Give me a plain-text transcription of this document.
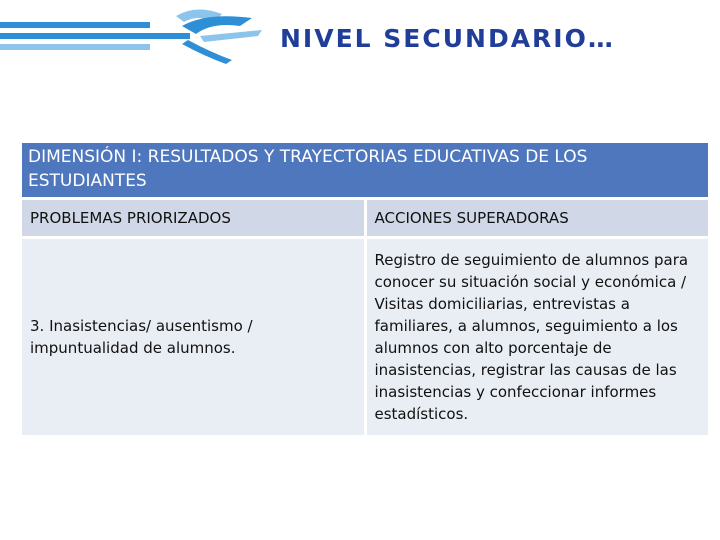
NIVEL SECUNDARIO…
DIMENSIÓN I: RESULTADOS Y TRAYECTORIAS EDUCATIVAS DE LOS ESTUDIANTES	
PROBLEMAS PRIORIZADOS	ACCIONES SUPERADORAS
3. Inasistencias/ ausentismo / impuntualidad de alumnos.	Registro de seguimiento de alumnos para conocer su situación social y económica / Visitas domiciliarias, entrevistas a familiares, a alumnos, seguimiento a los alumnos con alto porcentaje de inasistencias, registrar las causas de las inasistencias y confeccionar informes estadísticos.
